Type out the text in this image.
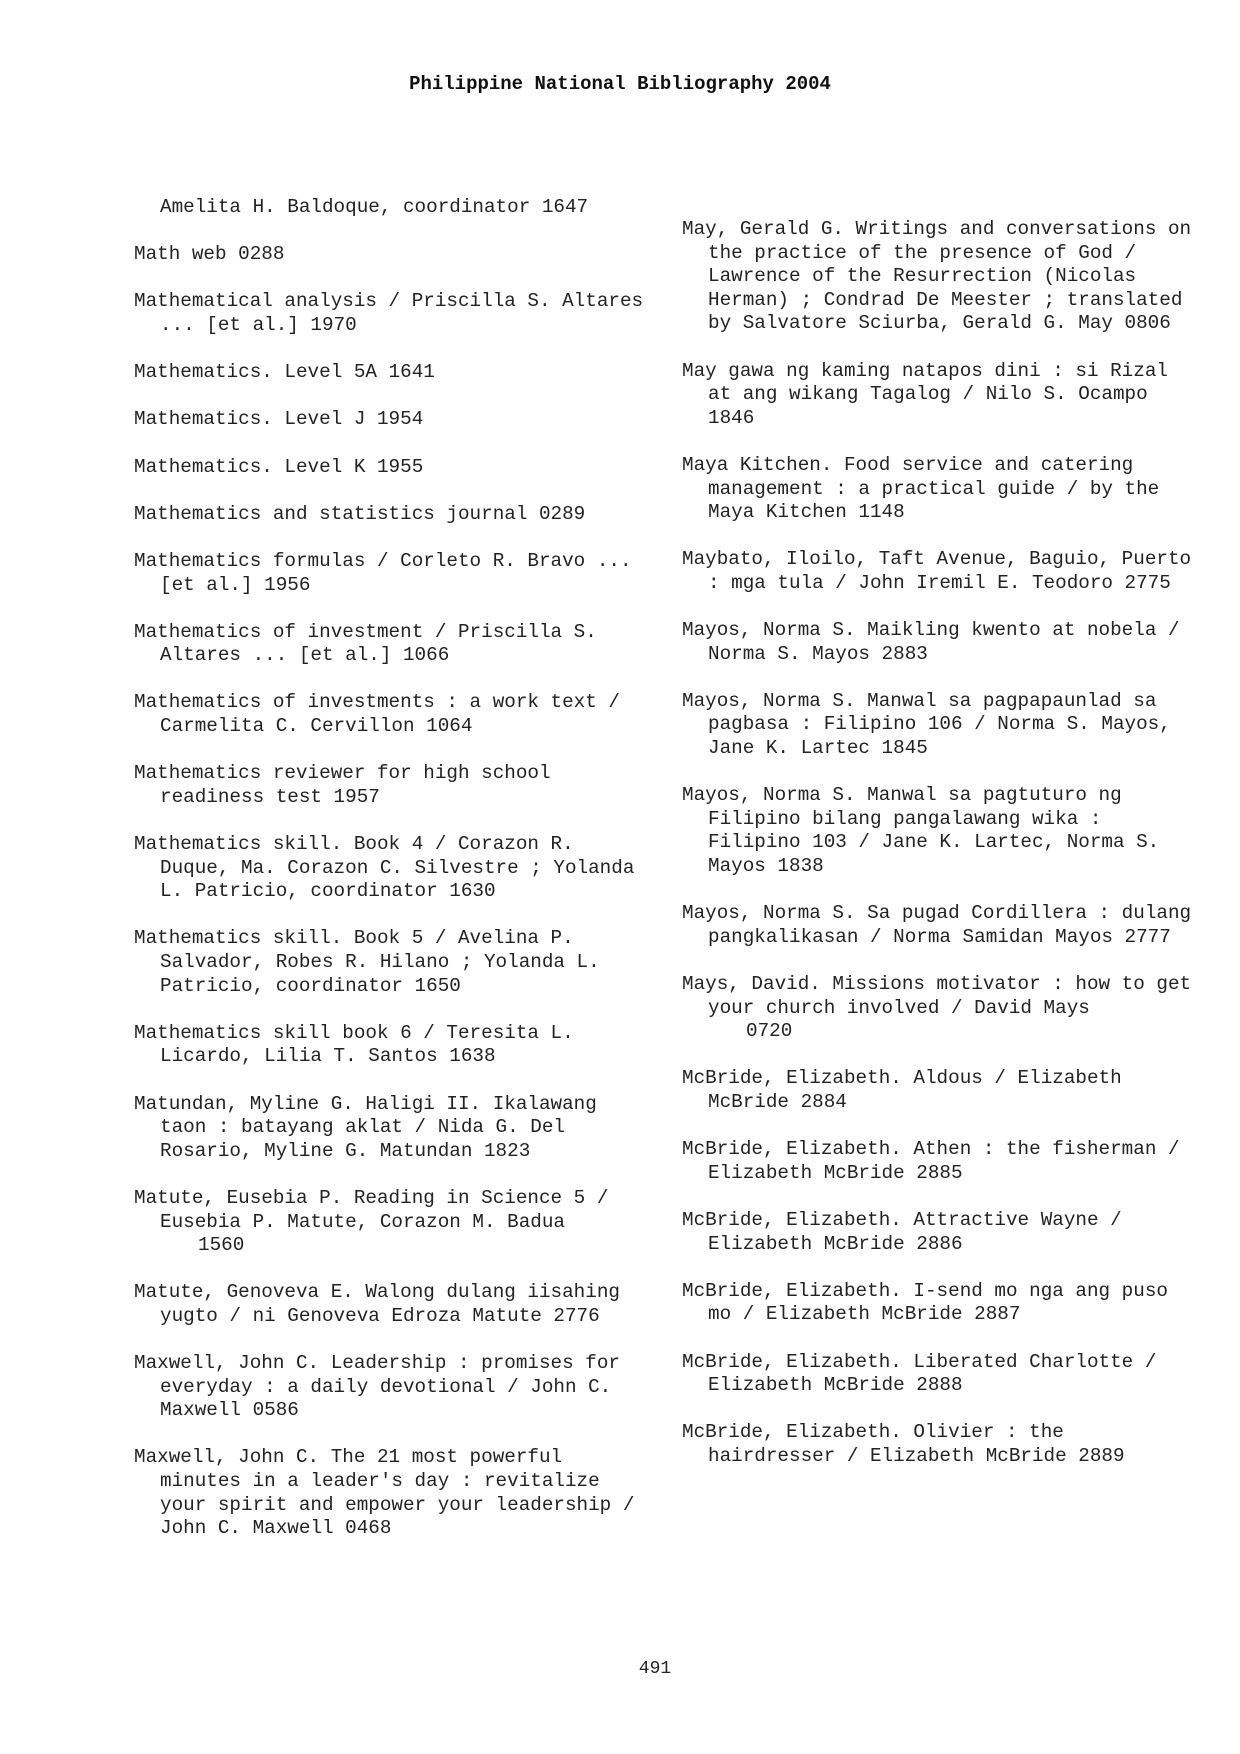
Philippine National Bibliography 2004
Amelita H. Baldoque, coordinator 1647
Math web 0288
Mathematical analysis / Priscilla S. Altares ... [et al.] 1970
Mathematics. Level 5A 1641
Mathematics. Level J 1954
Mathematics. Level K 1955
Mathematics and statistics journal 0289
Mathematics formulas / Corleto R. Bravo ... [et al.] 1956
Mathematics of investment / Priscilla S. Altares ... [et al.] 1066
Mathematics of investments : a work text / Carmelita C. Cervillon 1064
Mathematics reviewer for high school readiness test 1957
Mathematics skill. Book 4 / Corazon R. Duque, Ma. Corazon C. Silvestre ; Yolanda L. Patricio, coordinator 1630
Mathematics skill. Book 5 / Avelina P. Salvador, Robes R. Hilano ; Yolanda L. Patricio, coordinator 1650
Mathematics skill book 6 / Teresita L. Licardo, Lilia T. Santos 1638
Matundan, Myline G. Haligi II. Ikalawang taon : batayang aklat / Nida G. Del Rosario, Myline G. Matundan 1823
Matute, Eusebia P. Reading in Science 5 / Eusebia P. Matute, Corazon M. Badua
1560
Matute, Genoveva E. Walong dulang iisahing yugto / ni Genoveva Edroza Matute 2776
Maxwell, John C. Leadership : promises for everyday : a daily devotional / John C. Maxwell 0586
Maxwell, John C. The 21 most powerful minutes in a leader's day : revitalize your spirit and empower your leadership / John C. Maxwell 0468
May, Gerald G. Writings and conversations on the practice of the presence of God / Lawrence of the Resurrection (Nicolas Herman) ; Condrad De Meester ; translated by Salvatore Sciurba, Gerald G. May 0806
May gawa ng kaming natapos dini : si Rizal at ang wikang Tagalog / Nilo S. Ocampo 1846
Maya Kitchen. Food service and catering management : a practical guide / by the Maya Kitchen 1148
Maybato, Iloilo, Taft Avenue, Baguio, Puerto : mga tula / John Iremil E. Teodoro 2775
Mayos, Norma S. Maikling kwento at nobela / Norma S. Mayos 2883
Mayos, Norma S. Manwal sa pagpapaunlad sa pagbasa : Filipino 106 / Norma S. Mayos, Jane K. Lartec 1845
Mayos, Norma S. Manwal sa pagtuturo ng Filipino bilang pangalawang wika : Filipino 103 / Jane K. Lartec, Norma S. Mayos 1838
Mayos, Norma S. Sa pugad Cordillera : dulang pangkalikasan / Norma Samidan Mayos 2777
Mays, David. Missions motivator : how to get your church involved / David Mays
0720
McBride, Elizabeth. Aldous / Elizabeth McBride 2884
McBride, Elizabeth. Athen : the fisherman / Elizabeth McBride 2885
McBride, Elizabeth. Attractive Wayne / Elizabeth McBride 2886
McBride, Elizabeth. I-send mo nga ang puso mo / Elizabeth McBride 2887
McBride, Elizabeth. Liberated Charlotte / Elizabeth McBride 2888
McBride, Elizabeth. Olivier : the hairdresser / Elizabeth McBride 2889
491
